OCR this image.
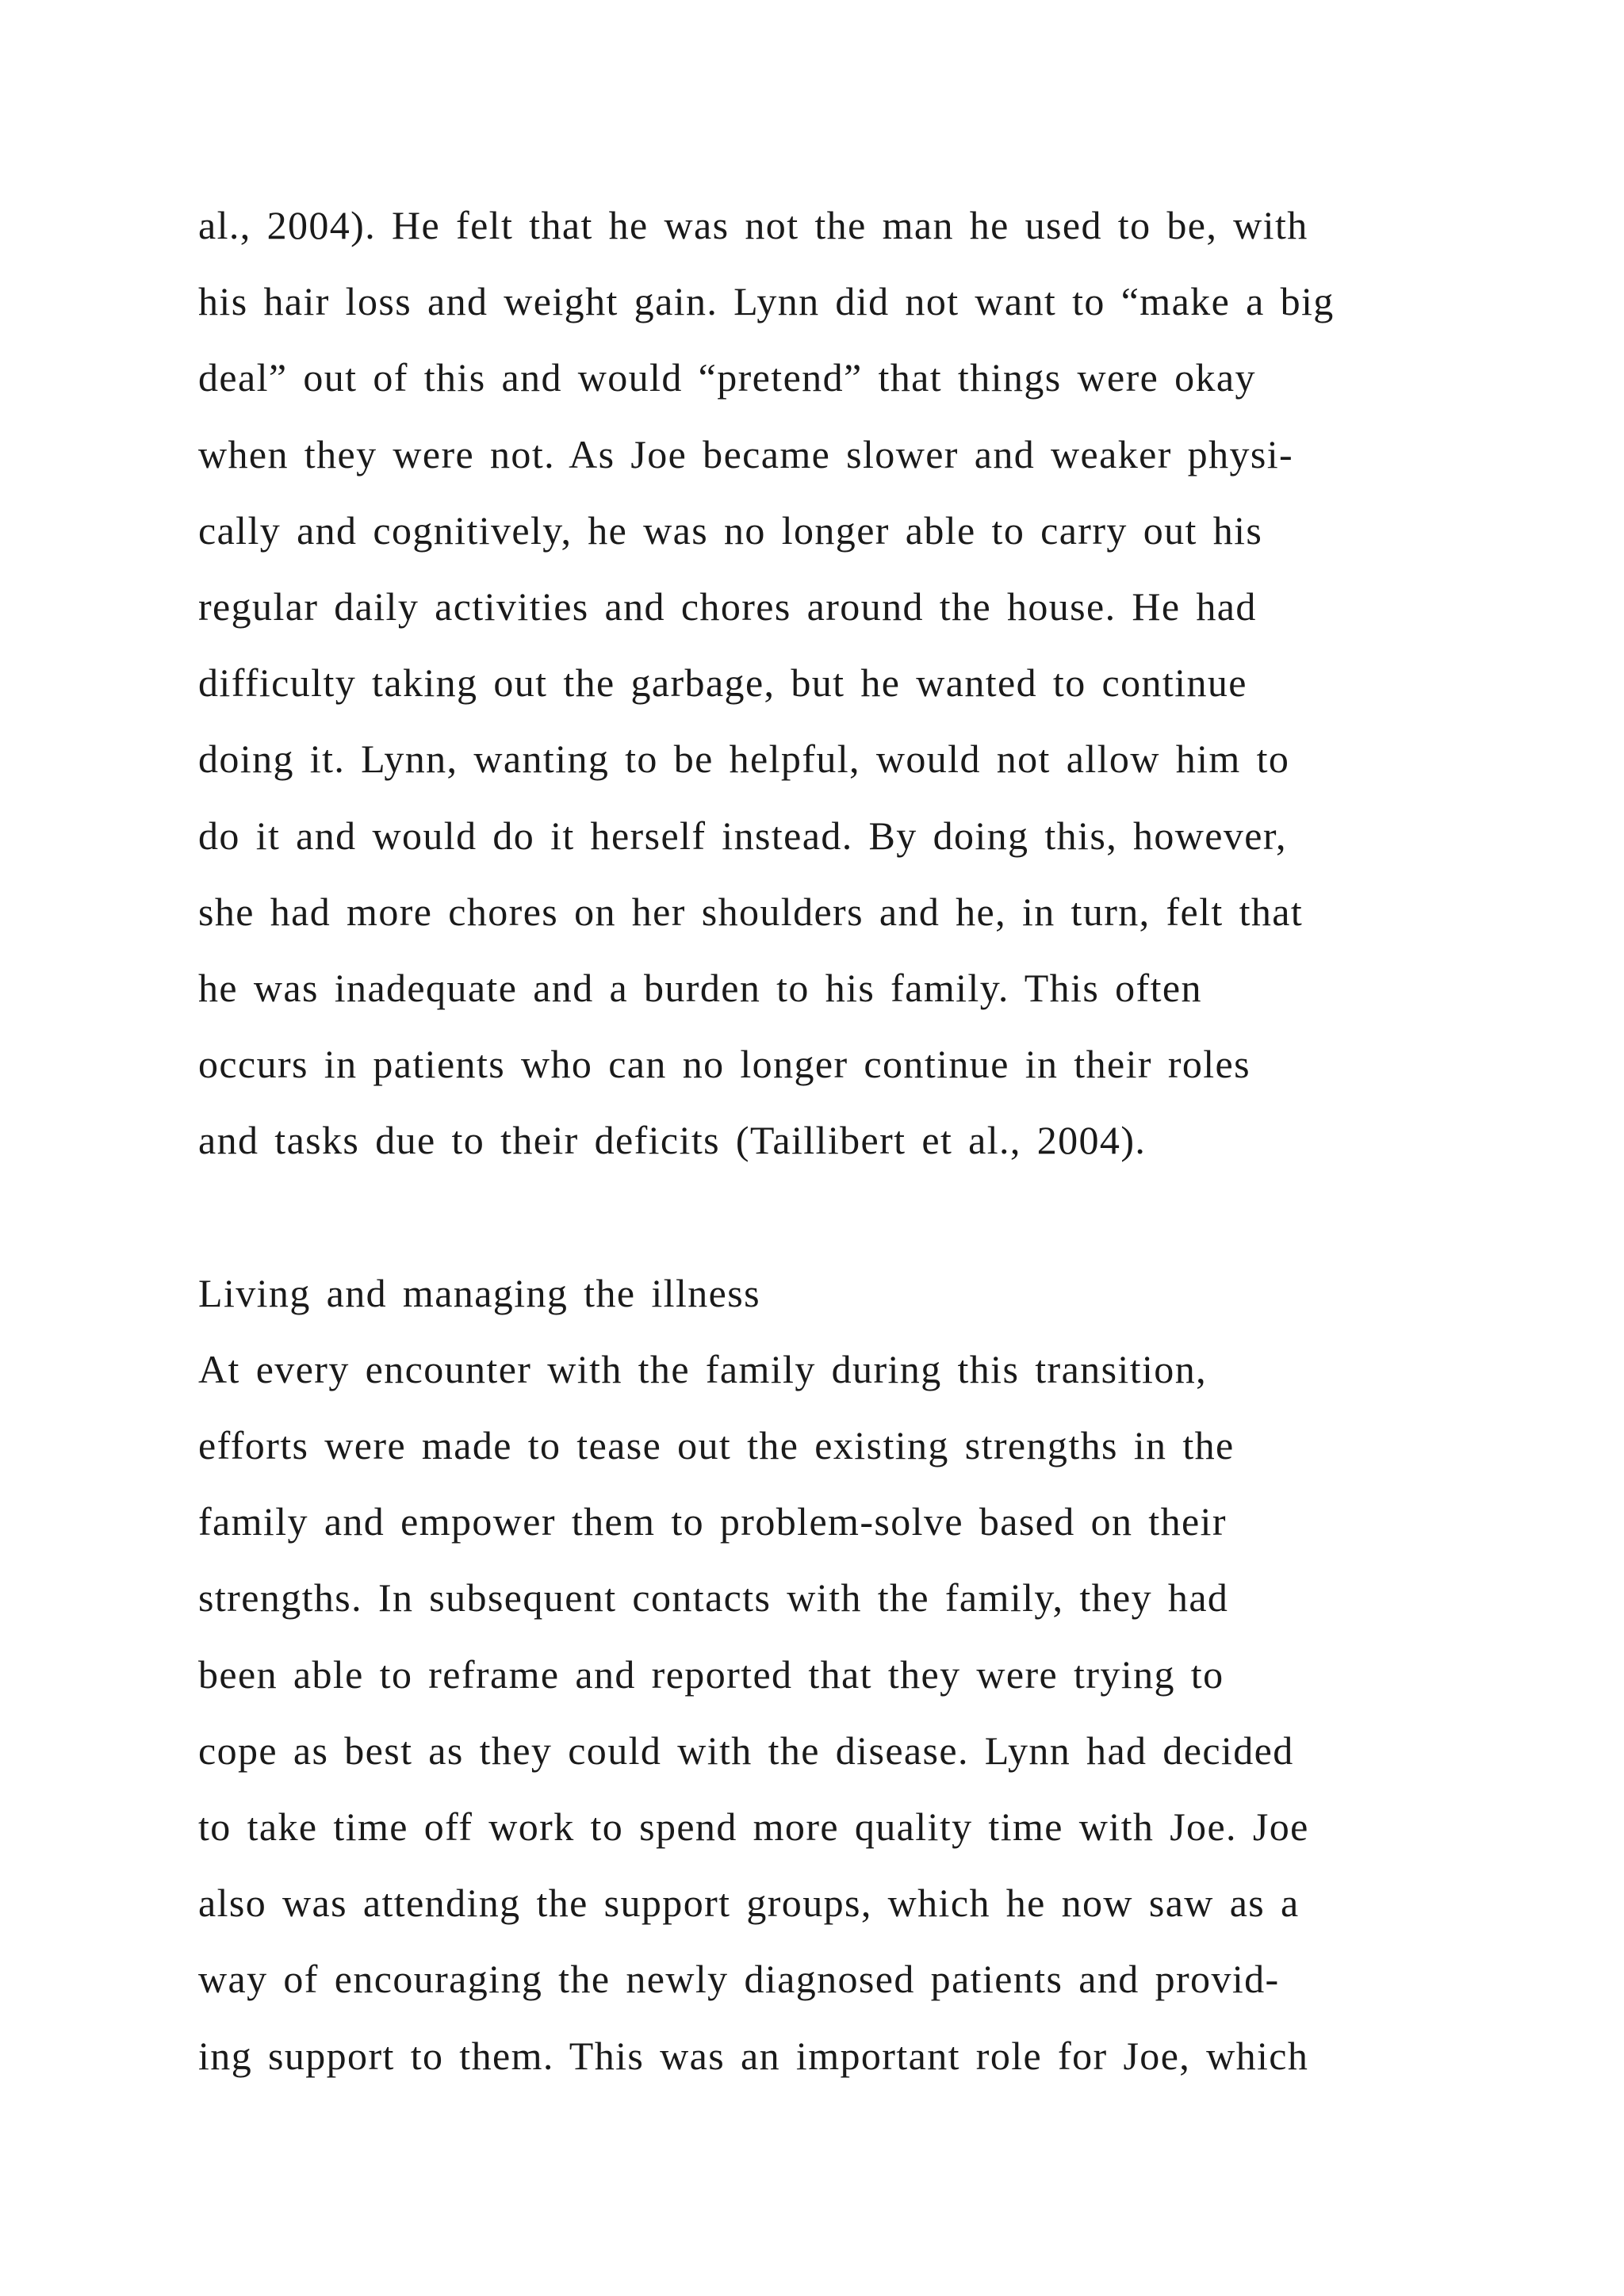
al., 2004). He felt that he was not the man he used to be, with
his hair loss and weight gain. Lynn did not want to “make a big
deal” out of this and would “pretend” that things were okay
when they were not. As Joe became slower and weaker physi-
cally and cognitively, he was no longer able to carry out his
regular daily activities and chores around the house. He had
difficulty taking out the garbage, but he wanted to continue
doing it. Lynn, wanting to be helpful, would not allow him to
do it and would do it herself instead. By doing this, however,
she had more chores on her shoulders and he, in turn, felt that
he was inadequate and a burden to his family. This often
occurs in patients who can no longer continue in their roles
and tasks due to their deficits (Taillibert et al., 2004).
Living and managing the illness
At every encounter with the family during this transition,
efforts were made to tease out the existing strengths in the
family and empower them to problem-solve based on their
strengths. In subsequent contacts with the family, they had
been able to reframe and reported that they were trying to
cope as best as they could with the disease. Lynn had decided
to take time off work to spend more quality time with Joe. Joe
also was attending the support groups, which he now saw as a
way of encouraging the newly diagnosed patients and provid-
ing support to them. This was an important role for Joe, which
